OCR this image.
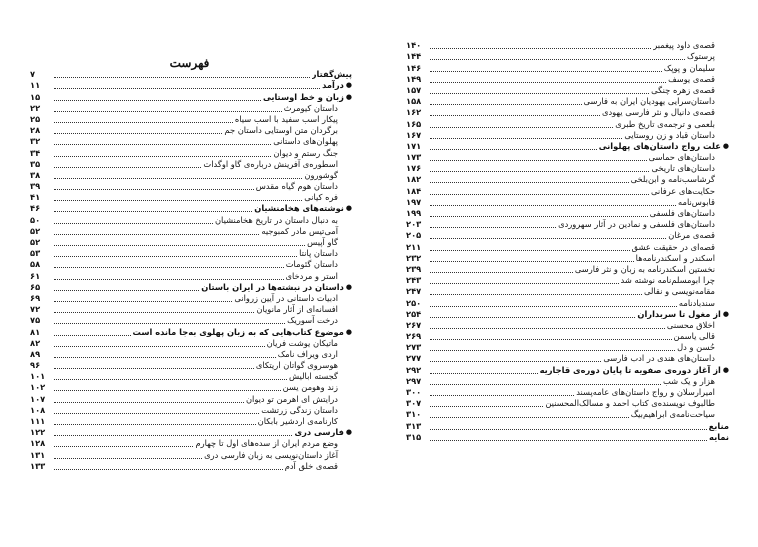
فهرست
پیش‌گفتار
۷
●
درآمد
۱۱
●
زبان و خط اوستایی
۱۵
داستان کیومرث
۲۲
پیکار اسب سفید با اسب سیاه
۲۵
برگردان متن اوستایی داستان جم
۲۸
پهلوان‌های داستانی
۳۲
جنگ رستم و دیوان
۳۴
اسطوره‌ی آفرینش درباره‌ی گاو اوگدات
۳۵
گوشورون
۳۸
داستان هوم گیاه مقدس
۳۹
فره کیانی
۴۱
●
نوشته‌های هخامنشیان
۴۶
به دنبال داستان در تاریخ هخامنشیان
۵۰
آمی‌تیس مادر کمبوجیه
۵۲
گاو آپیس
۵۲
داستان پانتا
۵۳
داستان گئومات
۵۸
استر و مردخای
۶۱
●
داستان در نبشته‌ها در ایران باستان
۶۵
ادبیات داستانی در آیین زروانی
۶۹
افسانه‌ای از آثار مانویان
۷۲
درخت آسوریک
۷۵
●
موضوع کتاب‌هایی که به زبان پهلوی به‌جا مانده است
۸۱
ماتیکان یوشت فریان
۸۲
اردی ویراف نامک
۸۹
هوسروی گواتان اریتکای
۹۶
گجسته ابالیش
۱۰۱
زند وهومن یسن
۱۰۲
درایتش ای اهرمن تو دیوان
۱۰۷
داستان زندگی زرتشت
۱۰۸
کارنامه‌ی اردشیر بابکان
۱۱۱
●
فارسی دری
۱۲۲
وضع مردم ایران از سده‌های اول تا چهارم
۱۲۸
آغاز داستان‌نویسی به زبان فارسی دری
۱۳۱
قصه‌ی خلق آدم
۱۳۳
قصه‌ی داود پیغمبر
۱۴۰
پرستوک
۱۴۴
سلیمان و پوپک
۱۴۶
قصه‌ی یوسف
۱۴۹
قصه‌ی زهره چنگی
۱۵۷
داستان‌سرایی یهودیان ایران به فارسی
۱۵۸
قصه‌ی دانیال و نثر فارسی یهودی
۱۶۲
بلعمی و ترجمه‌ی تاریخ طبری
۱۶۵
داستان قباد و زن روستایی
۱۶۷
●
علت رواج داستان‌های پهلوانی
۱۷۱
داستان‌های حماسی
۱۷۳
داستان‌های تاریخی
۱۷۶
گرشاسب‌نامه و ابن‌بلخی
۱۸۲
حکایت‌های عرفانی
۱۸۴
قابوس‌نامه
۱۹۷
داستان‌های فلسفی
۱۹۹
داستان‌های فلسفی و نمادین در آثار سهروردی
۲۰۳
قصه‌ی مرغان
۲۰۵
قصه‌ای در حقیقت عشق
۲۱۱
اسکندر و اسکندرنامه‌ها
۲۳۲
نخستین اسکندرنامه به زبان و نثر فارسی
۲۳۹
چرا ابومسلم‌نامه نوشته شد
۲۴۳
مقامه‌نویسی و نقالی
۲۴۷
سندبادنامه
۲۵۰
●
از مغول تا سربداران
۲۵۴
اخلاق محسنی
۲۶۷
قالی یاسمن
۲۶۹
حُسن و دل
۲۷۳
داستان‌های هندی در ادب فارسی
۲۷۷
●
از آغاز دوره‌ی صفویه تا پایان دوره‌ی قاجاریه
۲۹۲
هزار و یک شب
۲۹۷
امیرارسلان و رواج داستان‌های عامه‌پسند
۳۰۰
طالبوف نویسنده‌ی کتاب احمد و مسالک‌المحسنین
۳۰۷
سیاحت‌نامه‌ی ابراهیم‌بیگ
۳۱۰
منابع
۳۱۳
نمایه
۳۱۵
